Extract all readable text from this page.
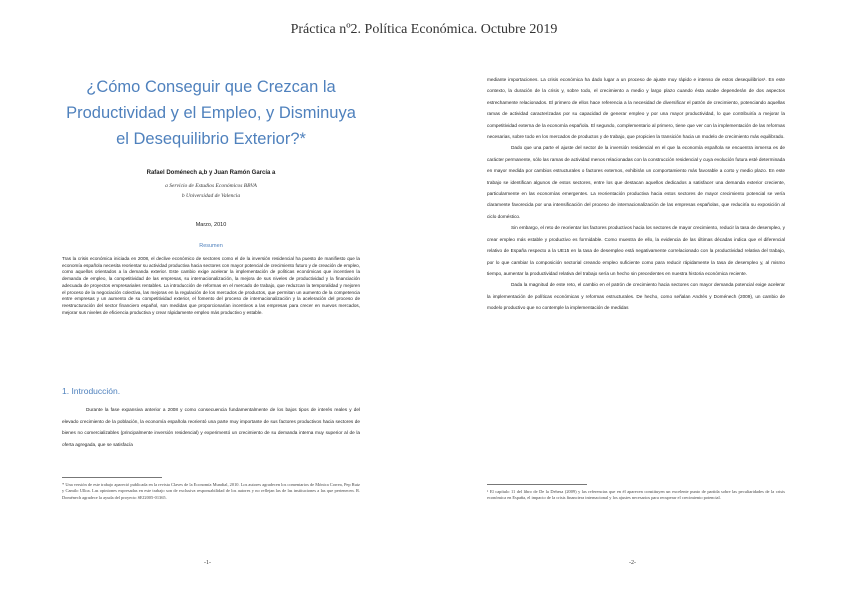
Práctica nº2. Política Económica. Octubre 2019
¿Cómo Conseguir que Crezcan la
Productividad y el Empleo, y Disminuya
el Desequilibrio Exterior?*
Rafael Doménech a,b y Juan Ramón García a
a Servicio de Estudios Económicos BBVA
b Universidad de Valencia
Marzo, 2010
Resumen
Tras la crisis económica iniciada en 2008, el declive económico de sectores como el de la inversión residencial ha puesto de manifiesto que la economía española necesita reorientar su actividad productiva hacia sectores con mayor potencial de crecimiento futuro y de creación de empleo, como aquellos orientados a la demanda exterior. Este cambio exige acelerar la implementación de políticas económicas que incentiven la demanda de empleo, la competitividad de las empresas, su internacionalización, la mejora de sus niveles de productividad y la financiación adecuada de proyectos empresariales rentables. La introducción de reformas en el mercado de trabajo, que reduzcan la temporalidad y mejoren el proceso de la negociación colectiva, las mejoras en la regulación de los mercados de productos, que permitan un aumento de la competencia entre empresas y un aumento de su competitividad exterior, el fomento del proceso de internacionalización y la aceleración del proceso de reestructuración del sector financiero español, son medidas que proporcionarían incentivos a las empresas para crecer en nuevos mercados, mejorar sus niveles de eficiencia productiva y crear rápidamente empleo más productivo y estable.
1. Introducción.

Durante la fase expansiva anterior a 2008 y como consecuencia fundamentalmente de los bajos tipos de interés reales y del elevado crecimiento de la población, la economía española reorientó una parte muy importante de sus factores productivos hacia sectores de bienes no comercializables (principalmente inversión residencial) y experimentó un crecimiento de su demanda interna muy superior al de la oferta agregada, que se satisfacía

* Una versión de este trabajo apareció publicada en la revista Claves de la Economía Mundial, 2010. Los autores agradecen los comentarios de Mónica Correa, Pep Ruiz y Camilo Ulloa. Las opiniones expresadas en este trabajo son de exclusiva responsabilidad de los autores y no reflejan las de las instituciones a las que pertenecen. R. Doménech agradece la ayuda del proyecto SEJ2005-01365.

mediante importaciones. La crisis económica ha dado lugar a un proceso de ajuste muy rápido e intenso de estos desequilibrios¹. En este contexto, la duración de la crisis y, sobre todo, el crecimiento a medio y largo plazo cuando ésta acabe dependerán de dos aspectos estrechamente relacionados. El primero de ellos hace referencia a la necesidad de diversificar el patrón de crecimiento, potenciando aquellas ramas de actividad caracterizadas por su capacidad de generar empleo y por una mayor productividad, lo que contribuiría a mejorar la competitividad externa de la economía española. El segundo, complementario al primero, tiene que ver con la implementación de las reformas necesarias, sobre todo en los mercados de productos y de trabajo, que propicien la transición hacia un modelo de crecimiento más equilibrado.

Dado que una parte el ajuste del sector de la inversión residencial en el que la economía española se encuentra inmersa es de carácter permanente, sólo las ramas de actividad menos relacionadas con la construcción residencial y cuya evolución futura esté determinada en mayor medida por cambios estructurales o factores externos, exhibirán un comportamiento más favorable a corto y medio plazo. En este trabajo se identifican algunos de estos sectores, entre los que destacan aquellos dedicados a satisfacer una demanda exterior creciente, particularmente en las economías emergentes. La reorientación productiva hacia estos sectores de mayor crecimiento potencial se vería claramente favorecida por una intensificación del proceso de internacionalización de las empresas españolas, que reduciría su exposición al ciclo doméstico.

Sin embargo, el reto de reorientar los factores productivos hacia los sectores de mayor crecimiento, reducir la tasa de desempleo, y crear empleo más estable y productivo es formidable. Como muestra de ello, la evidencia de las últimas décadas indica que el diferencial relativo de España respecto a la UE15 en la tasa de desempleo está negativamente correlacionado con la productividad relativa del trabajo, por lo que cambiar la composición sectorial creando empleo suficiente como para reducir rápidamente la tasa de desempleo y, al mismo tiempo, aumentar la productividad relativa del trabajo sería un hecho sin precedentes en nuestra historia económica reciente.

Dada la magnitud de este reto, el cambio en el patrón de crecimiento hacia sectores con mayor demanda potencial exige acelerar la implementación de políticas económicas y reformas estructurales. De hecho, como señalan Andrés y Doménech (2009), un cambio de modelo productivo que no contemple la implementación de medidas

¹ El capítulo 11 del libro de De la Dehesa (2009) y las referencias que en él aparecen constituyen un excelente punto de partida sobre las peculiaridades de la crisis económica en España, el impacto de la crisis financiera internacional y los ajustes necesarios para recuperar el crecimiento potencial.
-1-	-2-
